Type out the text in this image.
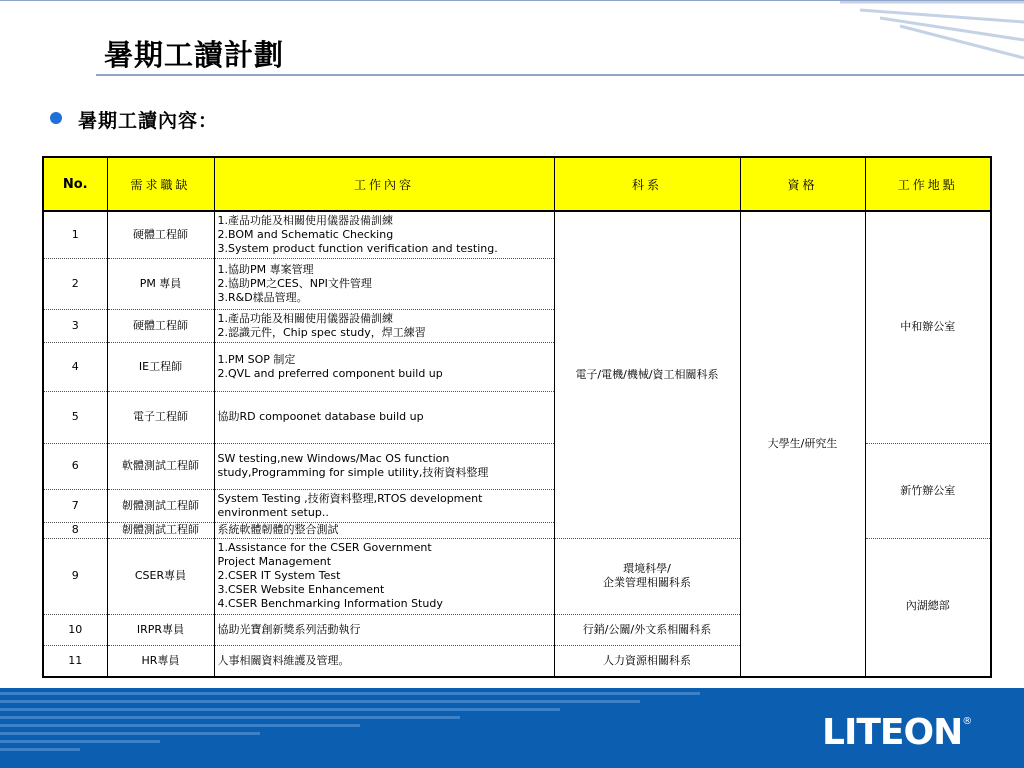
暑期工讀計劃
暑期工讀內容：
No.	需求職缺	工作內容	科系	資格	工作地點
1	硬體工程師	1.產品功能及相關使用儀器設備訓練
2.BOM and Schematic Checking
3.System product function verification and testing.	電子/電機/機械/資工相關科系	大學生/研究生	中和辦公室
2	PM 專員	1.協助PM 專案管理
2.協助PM之CES、NPI文件管理
3.R&D樣品管理。			
3	硬體工程師	1.產品功能及相關使用儀器設備訓練
2.認識元件，Chip spec study，焊工練習			
4	IE工程師	1.PM SOP 制定
2.QVL and preferred component build up			
5	電子工程師	協助RD compoonet database build up			
6	軟體測試工程師	SW testing,new Windows/Mac OS function
study,Programming for simple utility,技術資料整理			新竹辦公室
7	韌體測試工程師	System Testing ,技術資料整理,RTOS development
environment setup..			
8	韌體測試工程師	系統軟體韌體的整合測試			
9	CSER專員	1.Assistance for the CSER Government
Project Management
2.CSER IT System Test
3.CSER Website Enhancement
4.CSER Benchmarking Information Study	環境科學/
企業管理相關科系		內湖總部
10	IRPR專員	協助光寶創新獎系列活動執行	行銷/公關/外文系相關科系		
11	HR專員	人事相關資料維護及管理。	人力資源相關科系		
LITEON®
